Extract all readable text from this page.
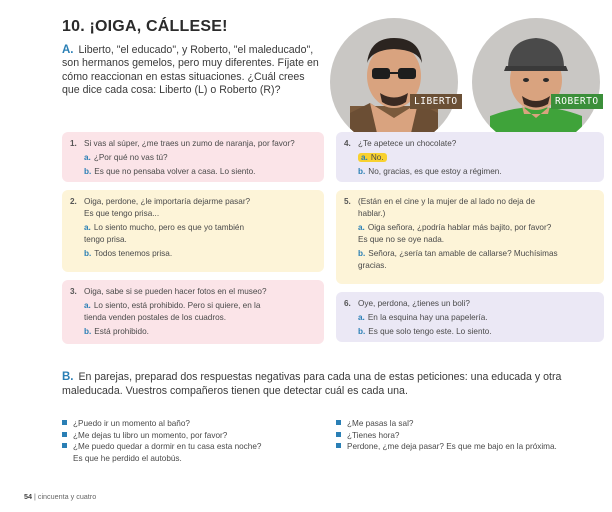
10. ¡OIGA, CÁLLESE!
A. Liberto, "el educado", y Roberto, "el maleducado", son hermanos gemelos, pero muy diferentes. Fíjate en cómo reaccionan en estas situaciones. ¿Cuál crees que dice cada cosa: Liberto (L) o Roberto (R)?
LIBERTO	ROBERTO
1. Si vas al súper, ¿me traes un zumo de naranja, por favor?
a. ¿Por qué no vas tú?
b. Es que no pensaba volver a casa. Lo siento.
2. Oiga, perdone, ¿le importaría dejarme pasar?
Es que tengo prisa...
a. Lo siento mucho, pero es que yo también
tengo prisa.
b. Todos tenemos prisa.
3. Oiga, sabe si se pueden hacer fotos en el museo?
a. Lo siento, está prohibido. Pero si quiere, en la
tienda venden postales de los cuadros.
b. Está prohibido.
4. ¿Te apetece un chocolate?
a. No.
b. No, gracias, es que estoy a régimen.
5. (Están en el cine y la mujer de al lado no deja de
hablar.)
a. Oiga señora, ¿podría hablar más bajito, por favor?
Es que no se oye nada.
b. Señora, ¿sería tan amable de callarse? Muchísimas
gracias.
6. Oye, perdona, ¿tienes un boli?
a. En la esquina hay una papelería.
b. Es que solo tengo este. Lo siento.
B. En parejas, preparad dos respuestas negativas para cada una de estas peticiones: una educada y otra maleducada. Vuestros compañeros tienen que detectar cuál es cada una.
¿Puedo ir un momento al baño?
¿Me dejas tu libro un momento, por favor?
¿Me puedo quedar a dormir en tu casa esta noche?
Es que he perdido el autobús.
¿Me pasas la sal?
¿Tienes hora?
Perdone, ¿me deja pasar? Es que me bajo en la próxima.
54 | cincuenta y cuatro
